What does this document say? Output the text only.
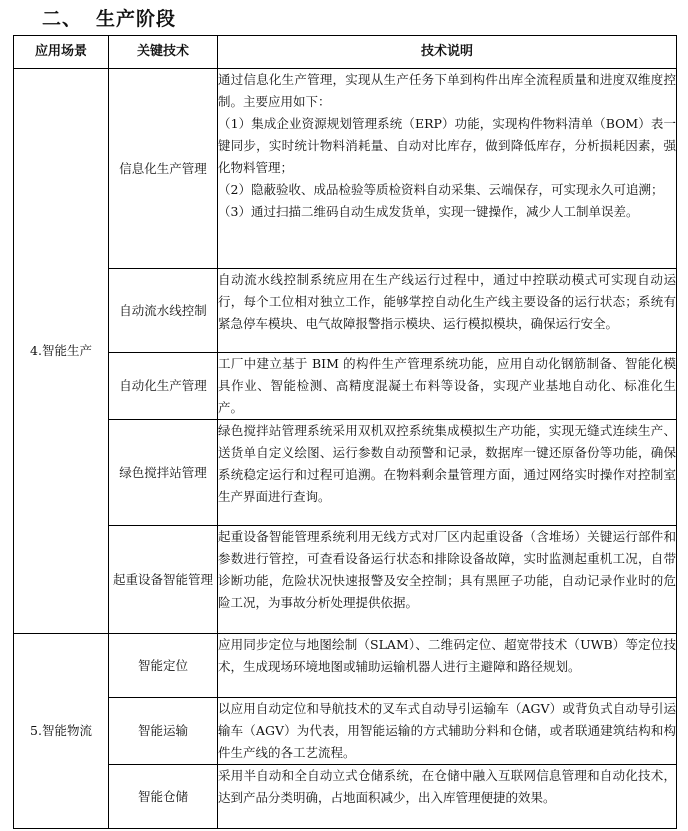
二、 生产阶段
应用场景	关键技术	技术说明
4.智能生产	信息化生产管理	通过信息化生产管理，实现从生产任务下单到构件出库全流程质量和进度双维度控制。主要应用如下：
（1）集成企业资源规划管理系统（ERP）功能，实现构件物料清单（BOM）表一键同步，实时统计物料消耗量、自动对比库存，做到降低库存，分析损耗因素，强化物料管理；
（2）隐蔽验收、成品检验等质检资料自动采集、云端保存，可实现永久可追溯；
（3）通过扫描二维码自动生成发货单，实现一键操作，减少人工制单误差。

	自动流水线控制	自动流水线控制系统应用在生产线运行过程中，通过中控联动模式可实现自动运行，每个工位相对独立工作，能够掌控自动化生产线主要设备的运行状态；系统有紧急停车模块、电气故障报警指示模块、运行模拟模块，确保运行安全。

	自动化生产管理	工厂中建立基于 BIM 的构件生产管理系统功能，应用自动化钢筋制备、智能化模具作业、智能检测、高精度混凝土布料等设备，实现产业基地自动化、标准化生产。

	绿色搅拌站管理	绿色搅拌站管理系统采用双机双控系统集成模拟生产功能，实现无缝式连续生产、送货单自定义绘图、运行参数自动预警和记录，数据库一键还原备份等功能，确保系统稳定运行和过程可追溯。在物料剩余量管理方面，通过网络实时操作对控制室生产界面进行查询。

	起重设备智能管理	起重设备智能管理系统利用无线方式对厂区内起重设备（含堆场）关键运行部件和参数进行管控，可查看设备运行状态和排除设备故障，实时监测起重机工况，自带诊断功能，危险状况快速报警及安全控制；具有黑匣子功能，自动记录作业时的危险工况，为事故分析处理提供依据。

5.智能物流	智能定位	应用同步定位与地图绘制（SLAM）、二维码定位、超宽带技术（UWB）等定位技术，生成现场环境地图或辅助运输机器人进行主避障和路径规划。

	智能运输	以应用自动定位和导航技术的叉车式自动导引运输车（AGV）或背负式自动导引运输车（AGV）为代表，用智能运输的方式辅助分料和仓储，或者联通建筑结构和构件生产线的各工艺流程。

	智能仓储	采用半自动和全自动立式仓储系统，在仓储中融入互联网信息管理和自动化技术，达到产品分类明确，占地面积减少，出入库管理便捷的效果。
